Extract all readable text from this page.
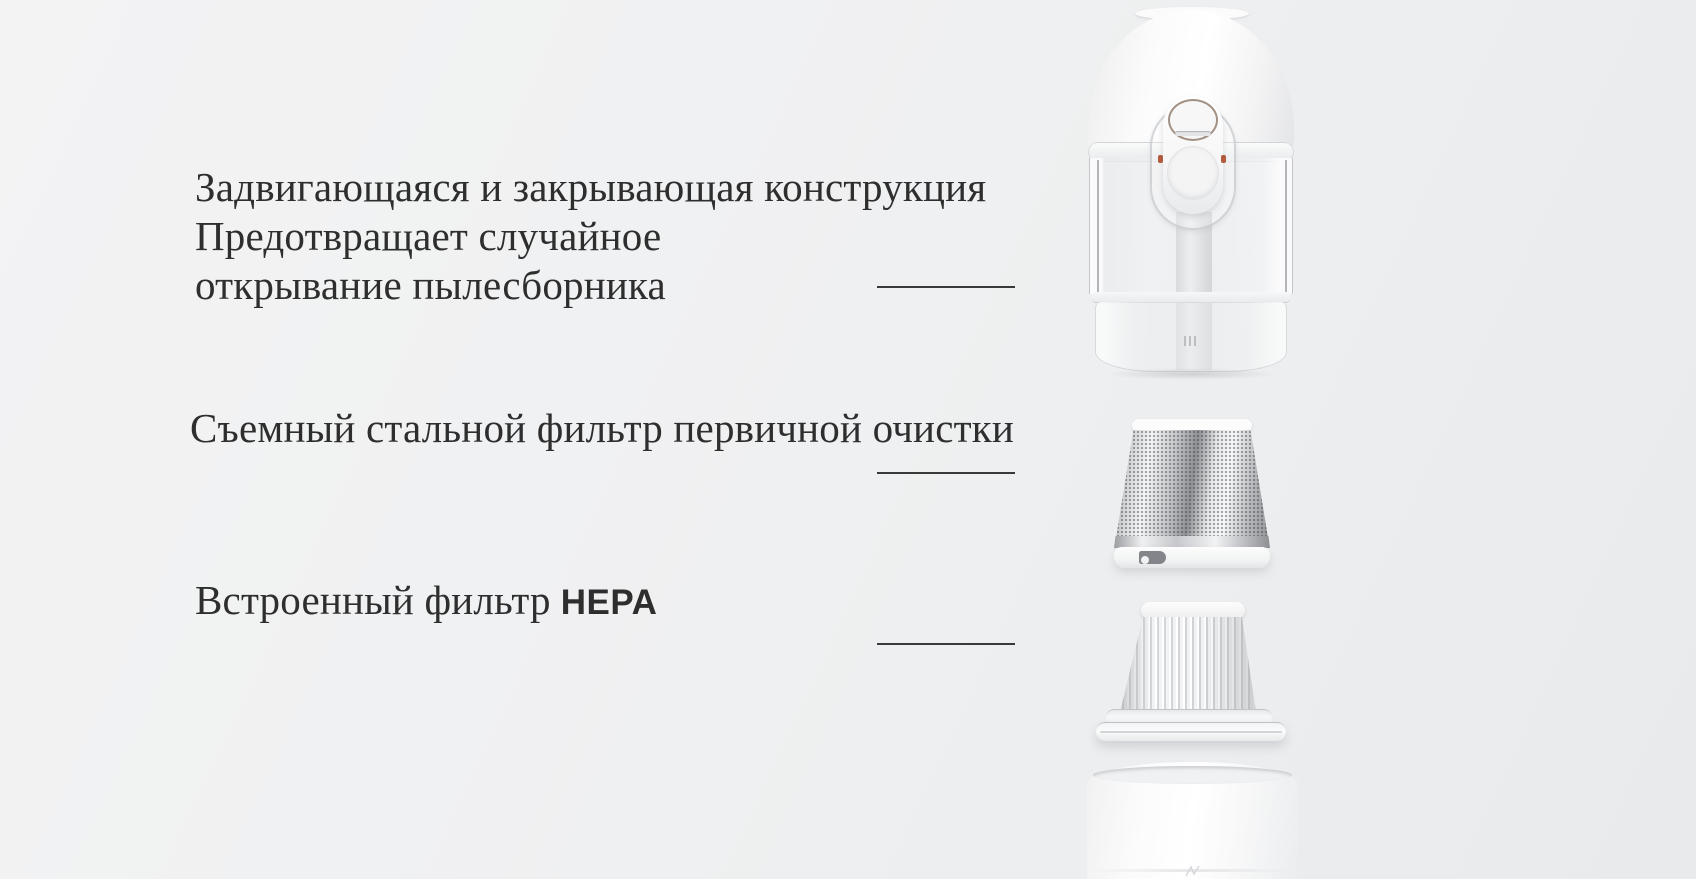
Задвигающаяся и закрывающая конструкция
Предотвращает случайное
открывание пылесборника
Съемный стальной фильтр первичной очистки
Встроенный фильтр HEPA
